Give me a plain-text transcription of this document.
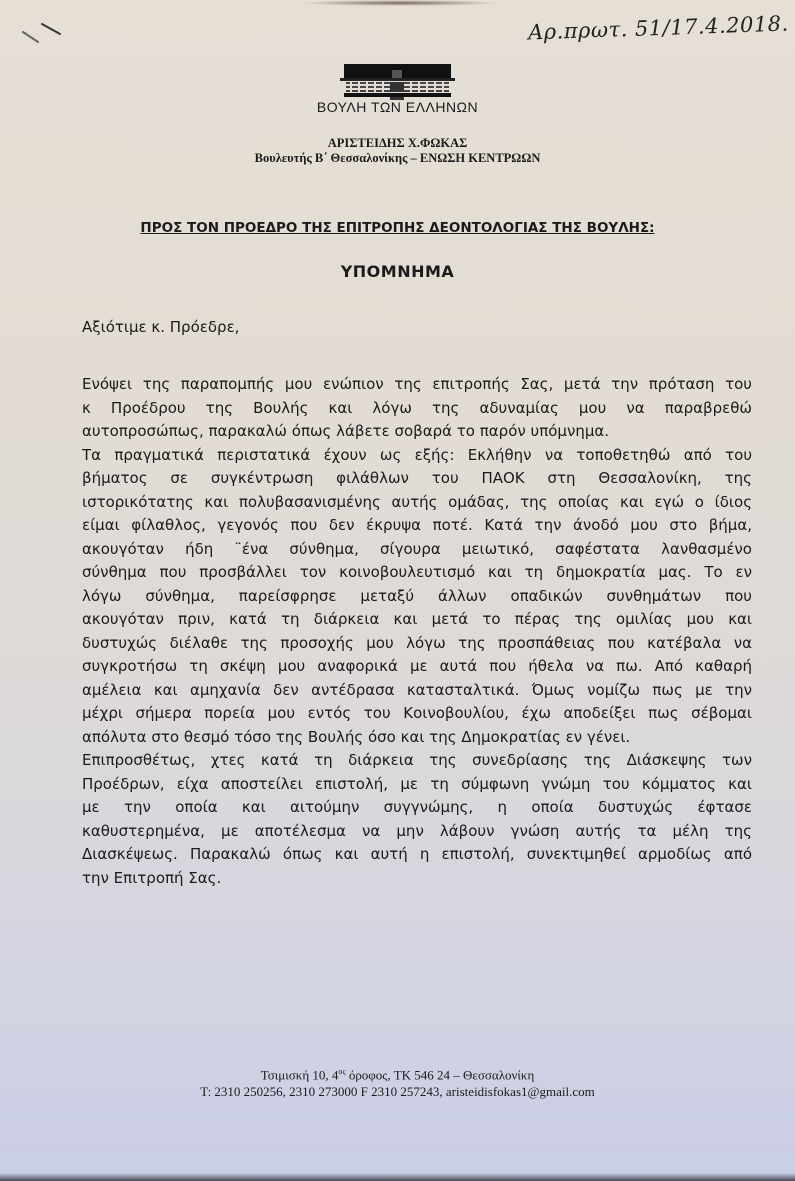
Αρ.πρωτ. 51/17.4.2018.
ΒΟΥΛΗ ΤΩΝ ΕΛΛΗΝΩΝ
ΑΡΙΣΤΕΙΔΗΣ Χ.ΦΩΚΑΣ
Βουλευτής Β΄ Θεσσαλονίκης – ΕΝΩΣΗ ΚΕΝΤΡΩΩΝ
ΠΡΟΣ ΤΟΝ ΠΡΟΕΔΡΟ ΤΗΣ ΕΠΙΤΡΟΠΗΣ ΔΕΟΝΤΟΛΟΓΙΑΣ ΤΗΣ ΒΟΥΛΗΣ:
ΥΠΟΜΝΗΜΑ
Αξιότιμε κ. Πρόεδρε,

Ενόψει της παραπομπής μου ενώπιον της επιτροπής Σας, μετά την πρόταση του
κ Προέδρου της Βουλής και λόγω της αδυναμίας μου να παραβρεθώ
αυτοπροσώπως, παρακαλώ όπως λάβετε σοβαρά το παρόν υπόμνημα.

Τα πραγματικά περιστατικά έχουν ως εξής: Εκλήθην να τοποθετηθώ από του
βήματος σε συγκέντρωση φιλάθλων του ΠΑΟΚ στη Θεσσαλονίκη, της
ιστορικότατης και πολυβασανισμένης αυτής ομάδας, της οποίας και εγώ ο ίδιος
είμαι φίλαθλος, γεγονός που δεν έκρυψα ποτέ. Κατά την άνοδό μου στο βήμα,
ακουγόταν ήδη ¨ένα σύνθημα, σίγουρα μειωτικό, σαφέστατα λανθασμένο
σύνθημα που προσβάλλει τον κοινοβουλευτισμό και τη δημοκρατία μας. Το εν
λόγω σύνθημα, παρείσφρησε μεταξύ άλλων οπαδικών συνθημάτων που
ακουγόταν πριν, κατά τη διάρκεια και μετά το πέρας της ομιλίας μου και
δυστυχώς διέλαθε της προσοχής μου λόγω της προσπάθειας που κατέβαλα να
συγκροτήσω τη σκέψη μου αναφορικά με αυτά που ήθελα να πω. Από καθαρή
αμέλεια και αμηχανία δεν αντέδρασα κατασταλτικά. Όμως νομίζω πως με την
μέχρι σήμερα πορεία μου εντός του Κοινοβουλίου, έχω αποδείξει πως σέβομαι
απόλυτα στο θεσμό τόσο της Βουλής όσο και της Δημοκρατίας εν γένει.

Επιπροσθέτως, χτες κατά τη διάρκεια της συνεδρίασης της Διάσκεψης των
Προέδρων, είχα αποστείλει επιστολή, με τη σύμφωνη γνώμη του κόμματος και
με την οποία και αιτούμην συγγνώμης, η οποία δυστυχώς έφτασε
καθυστερημένα, με αποτέλεσμα να μην λάβουν γνώση αυτής τα μέλη της
Διασκέψεως. Παρακαλώ όπως και αυτή η επιστολή, συνεκτιμηθεί αρμοδίως από
την Επιτροπή Σας.

Τσιμισκή 10, $4^{o\varsigma}$ όροφος, ΤΚ 546 24 – Θεσσαλονίκη
T: 2310 250256, 2310 273000 F 2310 257243, aristeidisfokas1@gmail.com
